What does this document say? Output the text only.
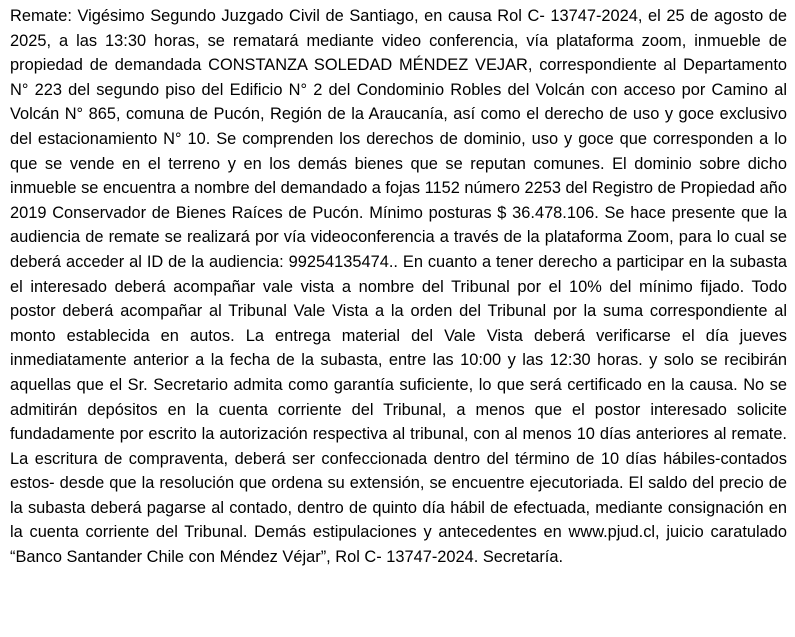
Remate: Vigésimo Segundo Juzgado Civil de Santiago, en causa Rol C- 13747-2024, el 25 de agosto de 2025, a las 13:30 horas, se rematará mediante video conferencia, vía plataforma zoom, inmueble de propiedad de demandada CONSTANZA SOLEDAD MÉNDEZ VEJAR, correspondiente al Departamento N° 223 del segundo piso del Edificio N° 2 del Condominio Robles del Volcán con acceso por Camino al Volcán N° 865, comuna de Pucón, Región de la Araucanía, así como el derecho de uso y goce exclusivo del estacionamiento N° 10. Se comprenden los derechos de dominio, uso y goce que corresponden a lo que se vende en el terreno y en los demás bienes que se reputan comunes. El dominio sobre dicho inmueble se encuentra a nombre del demandado a fojas 1152 número 2253 del Registro de Propiedad año 2019 Conservador de Bienes Raíces de Pucón. Mínimo posturas $ 36.478.106. Se hace presente que la audiencia de remate se realizará por vía videoconferencia a través de la plataforma Zoom, para lo cual se deberá acceder al ID de la audiencia: 99254135474.. En cuanto a tener derecho a participar en la subasta el interesado deberá acompañar vale vista a nombre del Tribunal por el 10% del mínimo fijado. Todo postor deberá acompañar al Tribunal Vale Vista a la orden del Tribunal por la suma correspondiente al monto establecida en autos. La entrega material del Vale Vista deberá verificarse el día jueves inmediatamente anterior a la fecha de la subasta, entre las 10:00 y las 12:30 horas. y solo se recibirán aquellas que el Sr. Secretario admita como garantía suficiente, lo que será certificado en la causa. No se admitirán depósitos en la cuenta corriente del Tribunal, a menos que el postor interesado solicite fundadamente por escrito la autorización respectiva al tribunal, con al menos 10 días anteriores al remate. La escritura de compraventa, deberá ser confeccionada dentro del término de 10 días hábiles-contados estos- desde que la resolución que ordena su extensión, se encuentre ejecutoriada. El saldo del precio de la subasta deberá pagarse al contado, dentro de quinto día hábil de efectuada, mediante consignación en la cuenta corriente del Tribunal. Demás estipulaciones y antecedentes en www.pjud.cl, juicio caratulado “Banco Santander Chile con Méndez Véjar”, Rol C- 13747-2024. Secretaría.
